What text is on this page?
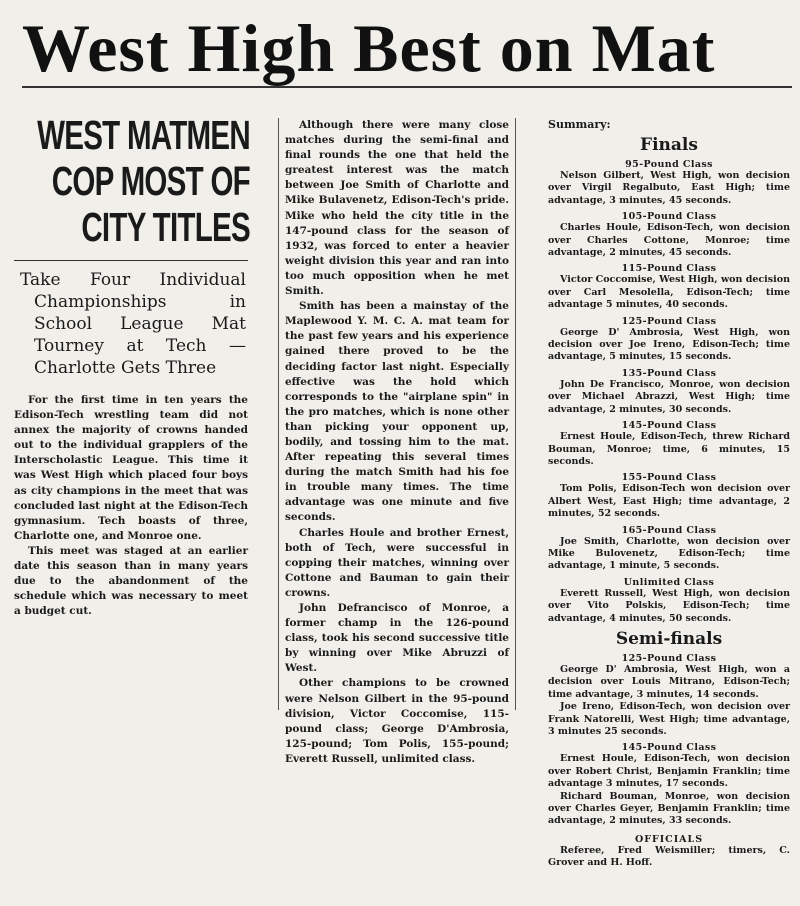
West High Best on Mat
WEST MATMEN
COP MOST OF
CITY TITLES
Take Four Individual Championships in School League Mat Tourney at Tech — Charlotte Gets Three

For the first time in ten years the Edison-Tech wrestling team did not annex the majority of crowns handed out to the individual grapplers of the Interscholastic League. This time it was West High which placed four boys as city champions in the meet that was concluded last night at the Edison-Tech gymnasium. Tech boasts of three, Charlotte one, and Monroe one.

This meet was staged at an earlier date this season than in many years due to the abandonment of the schedule which was necessary to meet a budget cut.

Although there were many close matches during the semi-final and final rounds the one that held the greatest interest was the match between Joe Smith of Charlotte and Mike Bulavenetz, Edison-Tech's pride. Mike who held the city title in the 147-pound class for the season of 1932, was forced to enter a heavier weight division this year and ran into too much opposition when he met Smith.

Smith has been a mainstay of the Maplewood Y. M. C. A. mat team for the past few years and his experience gained there proved to be the deciding factor last night. Especially effective was the hold which corresponds to the "airplane spin" in the pro matches, which is none other than picking your opponent up, bodily, and tossing him to the mat. After repeating this several times during the match Smith had his foe in trouble many times. The time advantage was one minute and five seconds.

Charles Houle and brother Ernest, both of Tech, were successful in copping their matches, winning over Cottone and Bauman to gain their crowns.

John Defrancisco of Monroe, a former champ in the 126-pound class, took his second successive title by winning over Mike Abruzzi of West.

Other champions to be crowned were Nelson Gilbert in the 95-pound division, Victor Coccomise, 115-pound class; George D'Ambrosia, 125-pound; Tom Polis, 155-pound; Everett Russell, unlimited class.

Summary:
Finals
95-Pound Class

Nelson Gilbert, West High, won decision over Virgil Regalbuto, East High; time advantage, 3 minutes, 45 seconds.

105-Pound Class

Charles Houle, Edison-Tech, won decision over Charles Cottone, Monroe; time advantage, 2 minutes, 45 seconds.

115-Pound Class

Victor Coccomise, West High, won decision over Carl Mesolella, Edison-Tech; time advantage 5 minutes, 40 seconds.

125-Pound Class

George D' Ambrosia, West High, won decision over Joe Ireno, Edison-Tech; time advantage, 5 minutes, 15 seconds.

135-Pound Class

John De Francisco, Monroe, won decision over Michael Abrazzi, West High; time advantage, 2 minutes, 30 seconds.

145-Pound Class

Ernest Houle, Edison-Tech, threw Richard Bouman, Monroe; time, 6 minutes, 15 seconds.

155-Pound Class

Tom Polis, Edison-Tech won decision over Albert West, East High; time advantage, 2 minutes, 52 seconds.

165-Pound Class

Joe Smith, Charlotte, won decision over Mike Bulovenetz, Edison-Tech; time advantage, 1 minute, 5 seconds.

Unlimited Class

Everett Russell, West High, won decision over Vito Polskis, Edison-Tech; time advantage, 4 minutes, 50 seconds.

Semi-finals
125-Pound Class

George D' Ambrosia, West High, won a decision over Louis Mitrano, Edison-Tech; time advantage, 3 minutes, 14 seconds.

Joe Ireno, Edison-Tech, won decision over Frank Natorelli, West High; time advantage, 3 minutes 25 seconds.

145-Pound Class

Ernest Houle, Edison-Tech, won decision over Robert Christ, Benjamin Franklin; time advantage 3 minutes, 17 seconds.

Richard Bouman, Monroe, won decision over Charles Geyer, Benjamin Franklin; time advantage, 2 minutes, 33 seconds.

OFFICIALS

Referee, Fred Weismiller; timers, C. Grover and H. Hoff.
